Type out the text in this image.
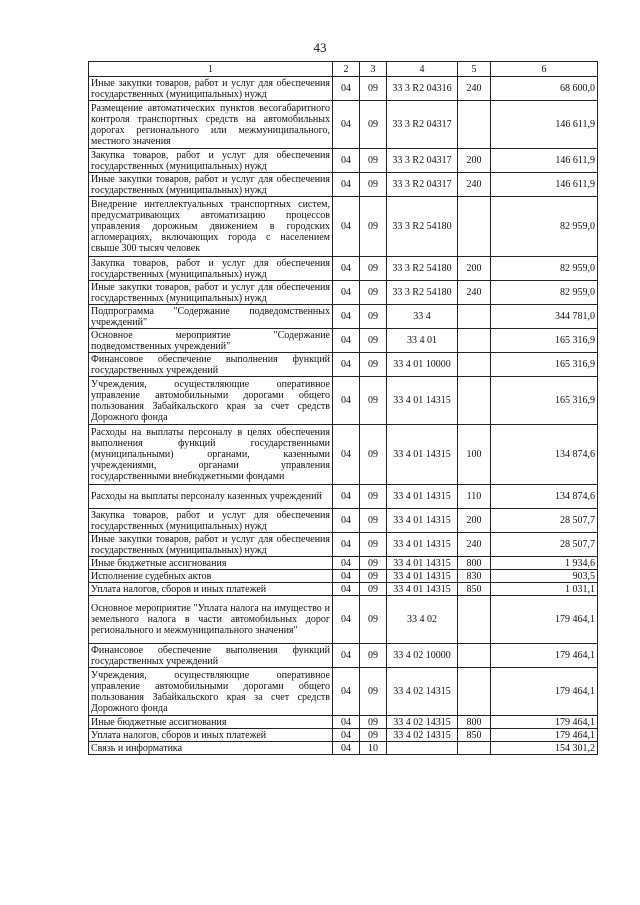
43
1	2	3	4	5	6
Иные закупки товаров, работ и услуг для обеспечения государственных (муниципальных) нужд	04	09	33 3 R2 04316	240	68 600,0
Размещение автоматических пунктов весогабаритного контроля транспортных средств на автомобильных дорогах регионального или межмуниципального, местного значения	04	09	33 3 R2 04317		146 611,9
Закупка товаров, работ и услуг для обеспечения государственных (муниципальных) нужд	04	09	33 3 R2 04317	200	146 611,9
Иные закупки товаров, работ и услуг для обеспечения государственных (муниципальных) нужд	04	09	33 3 R2 04317	240	146 611,9
Внедрение интеллектуальных транспортных систем, предусматривающих автоматизацию процессов управления дорожным движением в городских агломерациях, включающих города с населением свыше 300 тысяч человек	04	09	33 3 R2 54180		82 959,0
Закупка товаров, работ и услуг для обеспечения государственных (муниципальных) нужд	04	09	33 3 R2 54180	200	82 959,0
Иные закупки товаров, работ и услуг для обеспечения государственных (муниципальных) нужд	04	09	33 3 R2 54180	240	82 959,0
Подпрограмма "Содержание подведомственных учреждений"	04	09	33 4		344 781,0
Основное мероприятие "Содержание подведомственных учреждений"	04	09	33 4 01		165 316,9
Финансовое обеспечение выполнения функций государственных учреждений	04	09	33 4 01 10000		165 316,9
Учреждения, осуществляющие оперативное управление автомобильными дорогами общего пользования Забайкальского края за счет средств Дорожного фонда	04	09	33 4 01 14315		165 316,9
Расходы на выплаты персоналу в целях обеспечения выполнения функций государственными (муниципальными) органами, казенными учреждениями, органами управления государственными внебюджетными фондами	04	09	33 4 01 14315	100	134 874,6
Расходы на выплаты персоналу казенных учреждений	04	09	33 4 01 14315	110	134 874,6
Закупка товаров, работ и услуг для обеспечения государственных (муниципальных) нужд	04	09	33 4 01 14315	200	28 507,7
Иные закупки товаров, работ и услуг для обеспечения государственных (муниципальных) нужд	04	09	33 4 01 14315	240	28 507,7
Иные бюджетные ассигнования	04	09	33 4 01 14315	800	1 934,6
Исполнение судебных актов	04	09	33 4 01 14315	830	903,5
Уплата налогов, сборов и иных платежей	04	09	33 4 01 14315	850	1 031,1
Основное мероприятие "Уплата налога на имущество и земельного налога в части автомобильных дорог регионального и межмуниципального значения"	04	09	33 4 02		179 464,1
Финансовое обеспечение выполнения функций государственных учреждений	04	09	33 4 02 10000		179 464,1
Учреждения, осуществляющие оперативное управление автомобильными дорогами общего пользования Забайкальского края за счет средств Дорожного фонда	04	09	33 4 02 14315		179 464,1
Иные бюджетные ассигнования	04	09	33 4 02 14315	800	179 464,1
Уплата налогов, сборов и иных платежей	04	09	33 4 02 14315	850	179 464,1
Связь и информатика	04	10			154 301,2
